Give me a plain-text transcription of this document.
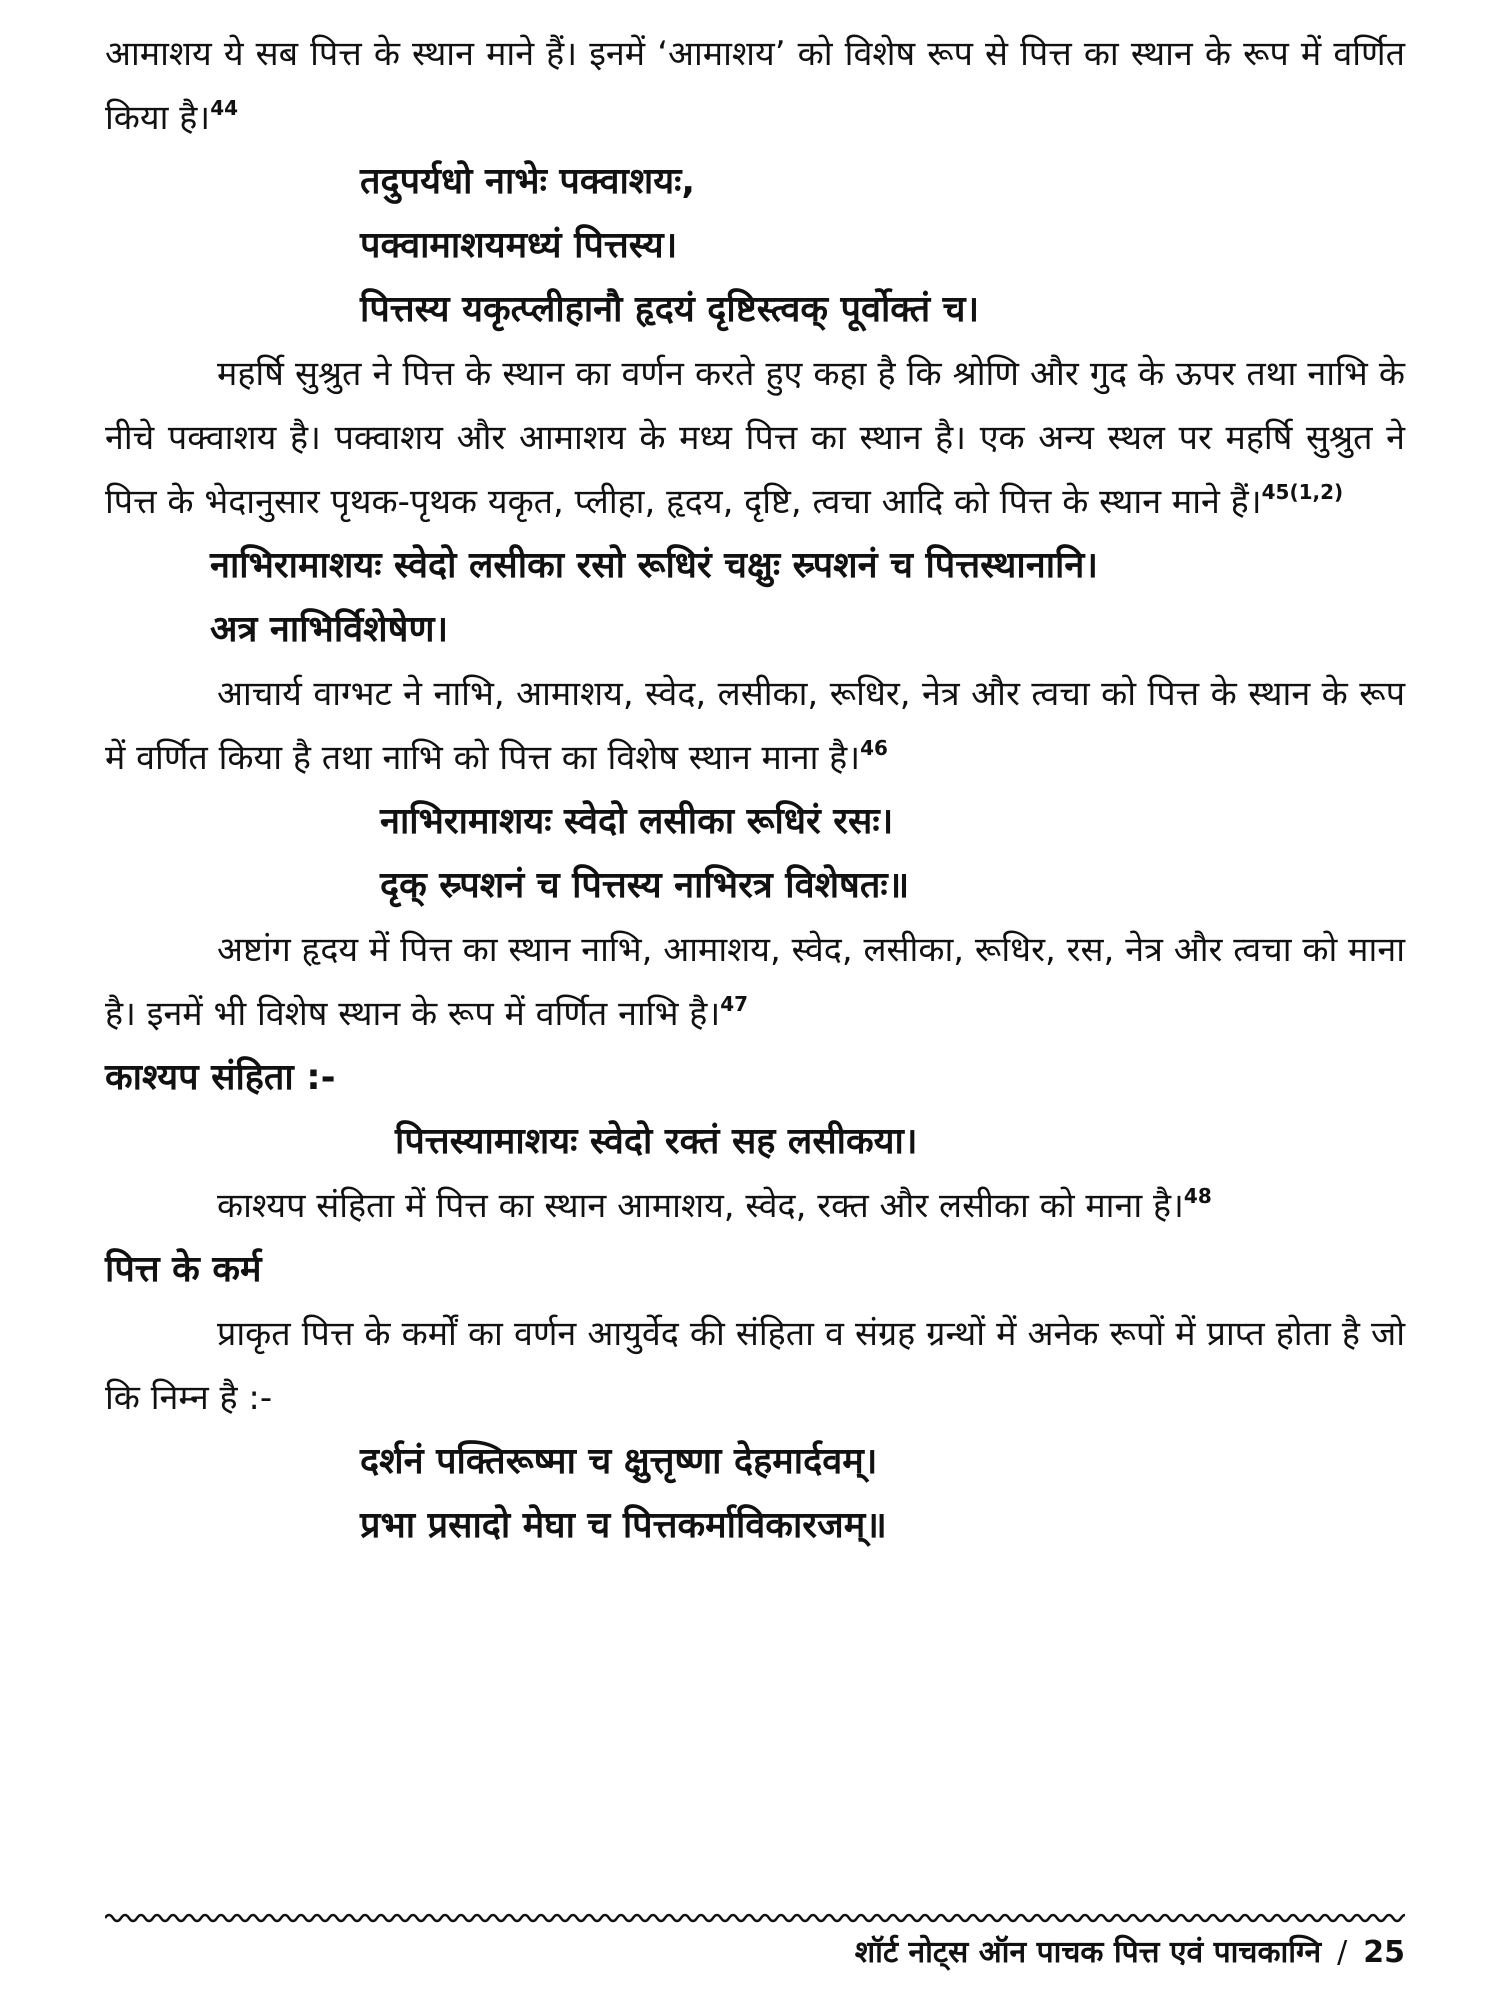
आमाशय ये सब पित्त के स्थान माने हैं। इनमें ‘आमाशय’ को विशेष रूप से पित्त का स्थान के रूप में वर्णित किया है।$^{44}$

तदुपर्यधो नाभेः पक्वाशयः,

पक्वामाशयमध्यं पित्तस्य।

पित्तस्य यकृत्प्लीहानौ हृदयं दृष्टिस्त्वक् पूर्वोक्तं च।

महर्षि सुश्रुत ने पित्त के स्थान का वर्णन करते हुए कहा है कि श्रोणि और गुद के ऊपर तथा नाभि के नीचे पक्वाशय है। पक्वाशय और आमाशय के मध्य पित्त का स्थान है। एक अन्य स्थल पर महर्षि सुश्रुत ने पित्त के भेदानुसार पृथक-पृथक यकृत, प्लीहा, हृदय, दृष्टि, त्वचा आदि को पित्त के स्थान माने हैं।$^{45(1,2)}$

नाभिरामाशयः स्वेदो लसीका रसो रूधिरं चक्षुः स्र्पशनं च पित्तस्थानानि।

अत्र नाभिर्विशेषेण।

आचार्य वाग्भट ने नाभि, आमाशय, स्वेद, लसीका, रूधिर, नेत्र और त्वचा को पित्त के स्थान के रूप में वर्णित किया है तथा नाभि को पित्त का विशेष स्थान माना है।$^{46}$

नाभिरामाशयः स्वेदो लसीका रूधिरं रसः।

दृक् स्र्पशनं च पित्तस्य नाभिरत्र विशेषतः॥

अष्टांग हृदय में पित्त का स्थान नाभि, आमाशय, स्वेद, लसीका, रूधिर, रस, नेत्र और त्वचा को माना है। इनमें भी विशेष स्थान के रूप में वर्णित नाभि है।$^{47}$

काश्यप संहिता :-

पित्तस्यामाशयः स्वेदो रक्तं सह लसीकया।

काश्यप संहिता में पित्त का स्थान आमाशय, स्वेद, रक्त और लसीका को माना है।$^{48}$

पित्त के कर्म

प्राकृत पित्त के कर्मों का वर्णन आयुर्वेद की संहिता व संग्रह ग्रन्थों में अनेक रूपों में प्राप्त होता है जो कि निम्न है :-

दर्शनं पक्तिरूष्मा च क्षुत्तृष्णा देहमार्दवम्।

प्रभा प्रसादो मेघा च पित्तकर्माविकारजम्॥

शॉर्ट नोट्स ऑन पाचक पित्त एवं पाचकाग्नि / 25
